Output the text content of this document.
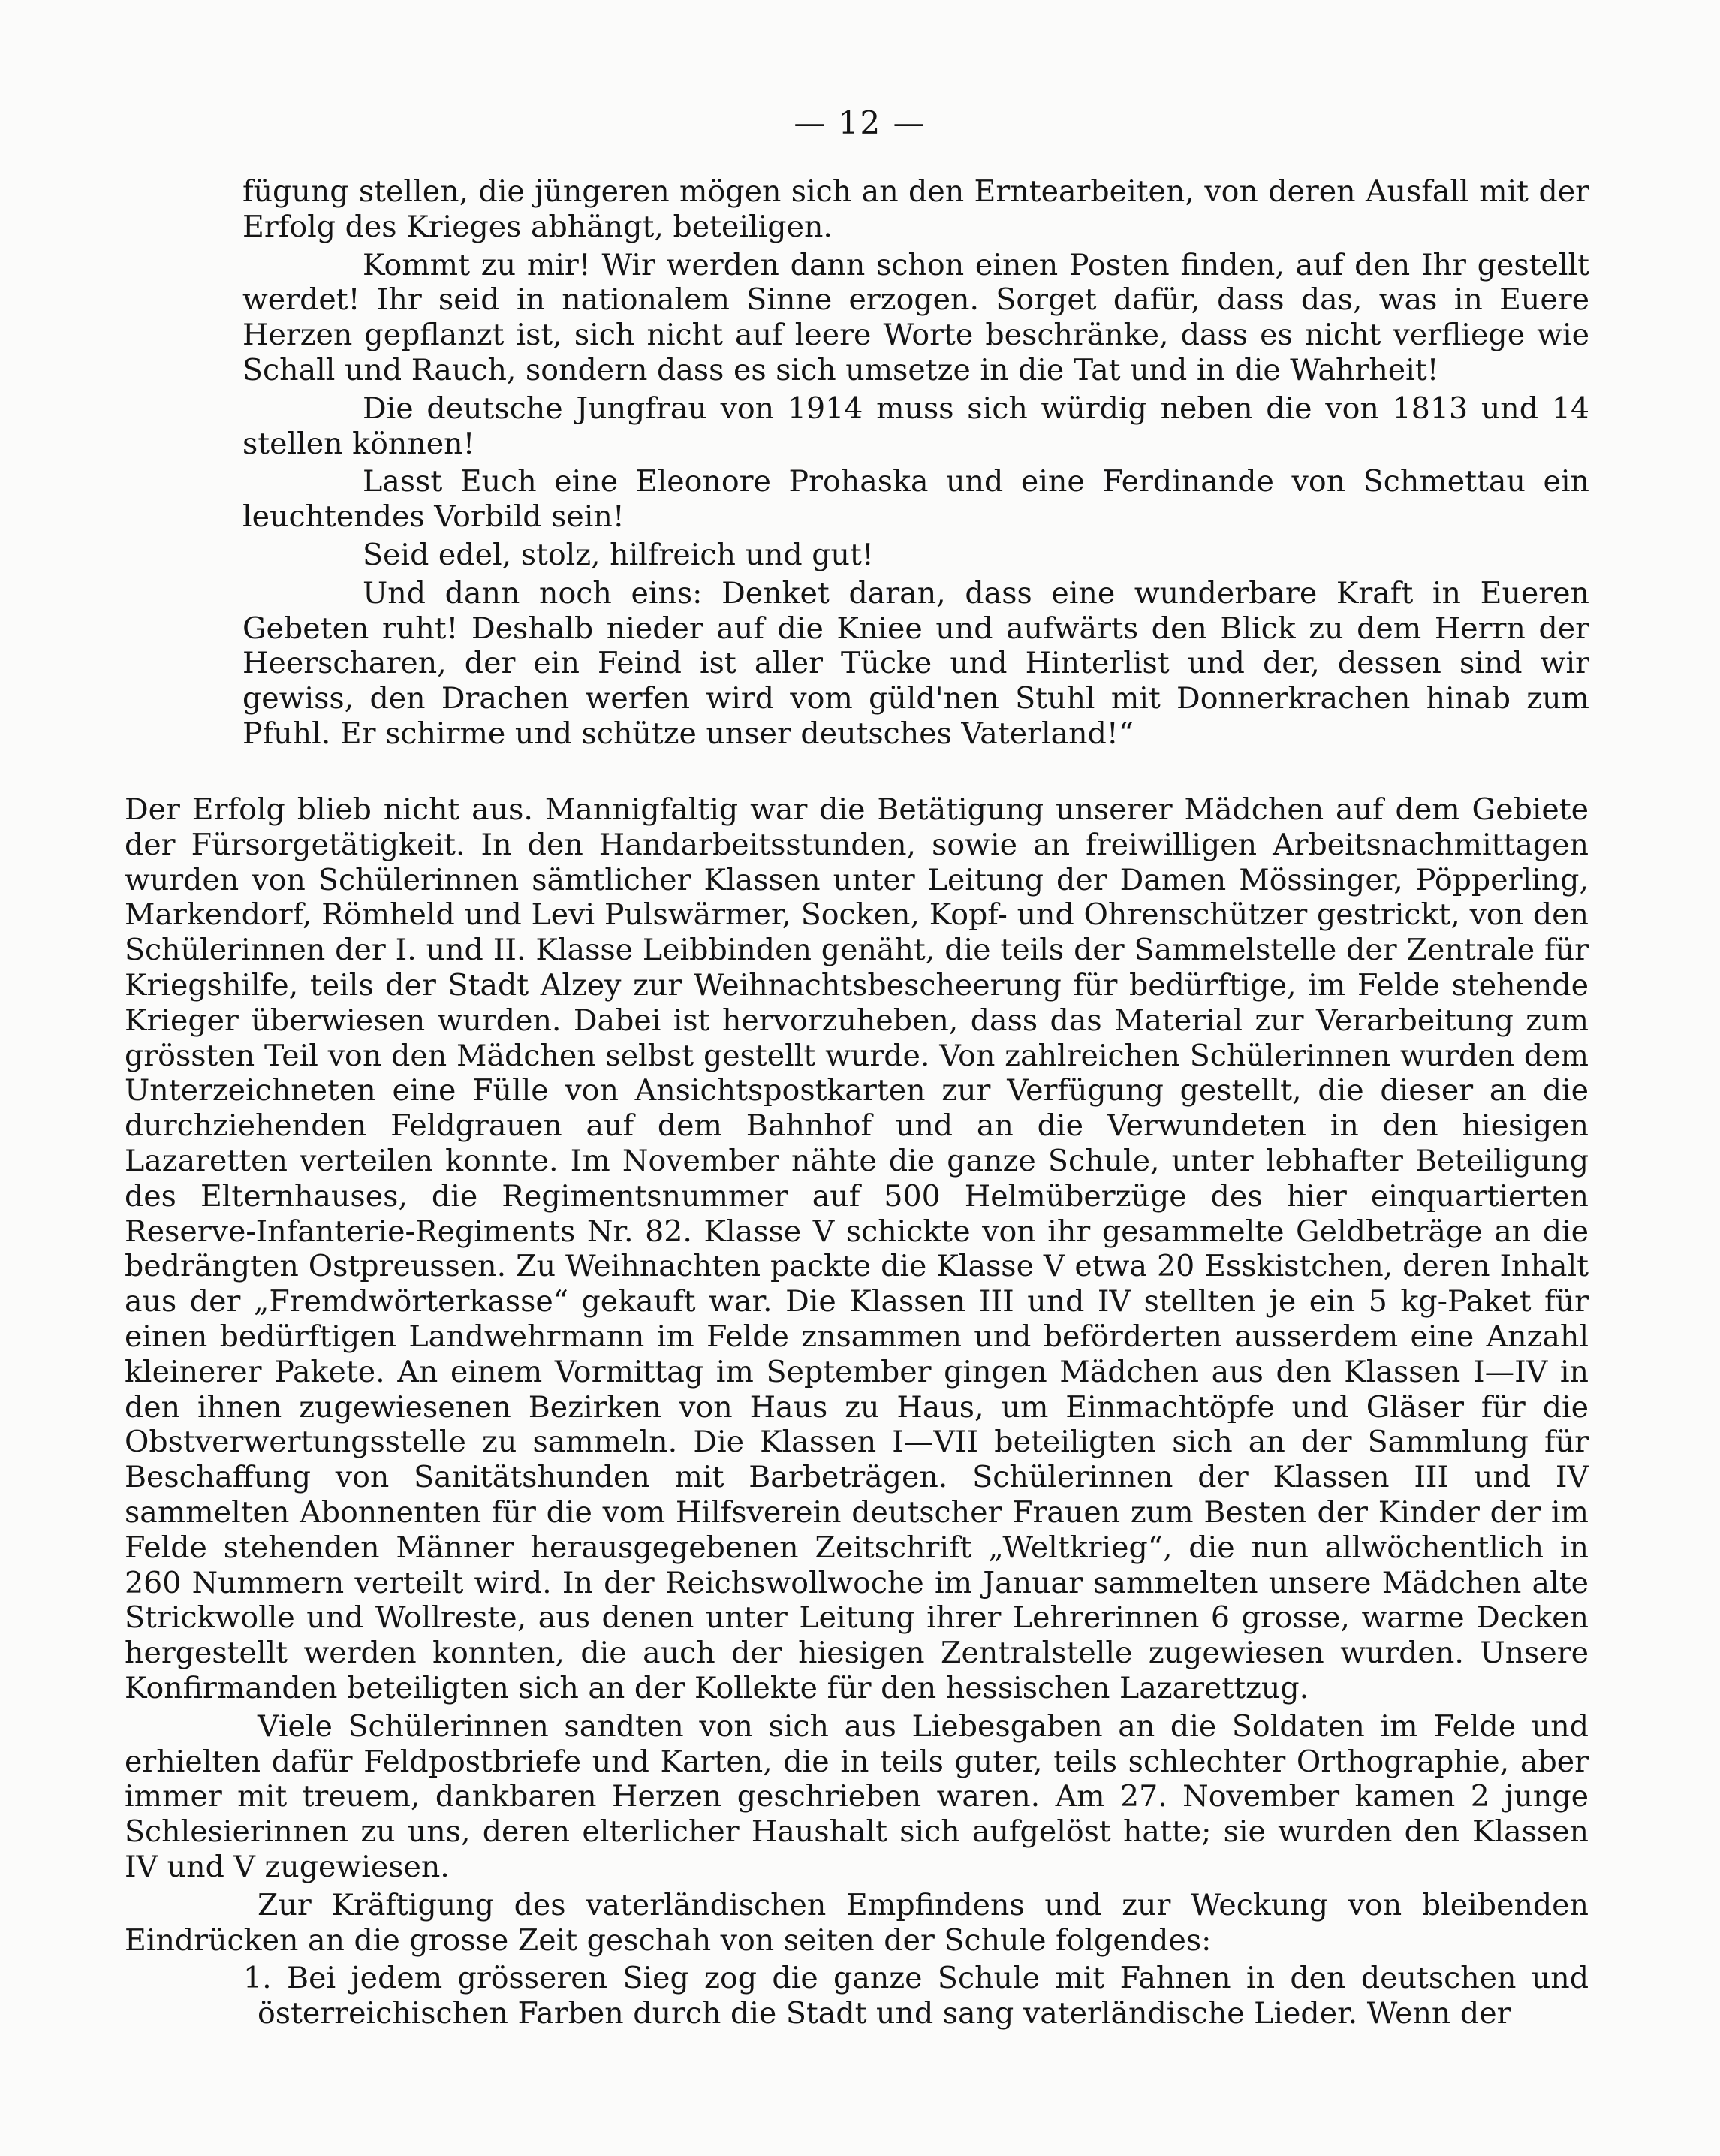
— 12 —

fügung stellen, die jüngeren mögen sich an den Erntearbeiten, von deren Ausfall mit der Erfolg des Krieges abhängt, beteiligen.

Kommt zu mir! Wir werden dann schon einen Posten finden, auf den Ihr gestellt werdet! Ihr seid in nationalem Sinne erzogen. Sorget dafür, dass das, was in Euere Herzen gepflanzt ist, sich nicht auf leere Worte beschränke, dass es nicht verfliege wie Schall und Rauch, sondern dass es sich umsetze in die Tat und in die Wahrheit!

Die deutsche Jungfrau von 1914 muss sich würdig neben die von 1813 und 14 stellen können!

Lasst Euch eine Eleonore Prohaska und eine Ferdinande von Schmettau ein leuchtendes Vorbild sein!

Seid edel, stolz, hilfreich und gut!

Und dann noch eins: Denket daran, dass eine wunderbare Kraft in Eueren Gebeten ruht! Deshalb nieder auf die Kniee und aufwärts den Blick zu dem Herrn der Heerscharen, der ein Feind ist aller Tücke und Hinterlist und der, dessen sind wir gewiss, den Drachen werfen wird vom güld'nen Stuhl mit Donnerkrachen hinab zum Pfuhl. Er schirme und schütze unser deutsches Vaterland!“

Der Erfolg blieb nicht aus. Mannigfaltig war die Betätigung unserer Mädchen auf dem Gebiete der Fürsorgetätigkeit. In den Handarbeitsstunden, sowie an freiwilligen Arbeitsnachmittagen wurden von Schülerinnen sämtlicher Klassen unter Leitung der Damen Mössinger, Pöpperling, Markendorf, Römheld und Levi Pulswärmer, Socken, Kopf- und Ohrenschützer gestrickt, von den Schülerinnen der I. und II. Klasse Leibbinden genäht, die teils der Sammelstelle der Zentrale für Kriegshilfe, teils der Stadt Alzey zur Weihnachtsbescheerung für bedürftige, im Felde stehende Krieger überwiesen wurden. Dabei ist hervorzuheben, dass das Material zur Verarbeitung zum grössten Teil von den Mädchen selbst gestellt wurde. Von zahlreichen Schülerinnen wurden dem Unterzeichneten eine Fülle von Ansichtspostkarten zur Verfügung gestellt, die dieser an die durchziehenden Feldgrauen auf dem Bahnhof und an die Verwundeten in den hiesigen Lazaretten verteilen konnte. Im November nähte die ganze Schule, unter lebhafter Beteiligung des Elternhauses, die Regimentsnummer auf 500 Helmüberzüge des hier einquartierten Reserve-Infanterie-Regiments Nr. 82. Klasse V schickte von ihr gesammelte Geldbeträge an die bedrängten Ostpreussen. Zu Weihnachten packte die Klasse V etwa 20 Esskistchen, deren Inhalt aus der „Fremdwörterkasse“ gekauft war. Die Klassen III und IV stellten je ein 5 kg-Paket für einen bedürftigen Landwehrmann im Felde znsammen und beförderten ausserdem eine Anzahl kleinerer Pakete. An einem Vormittag im September gingen Mädchen aus den Klassen I—IV in den ihnen zugewiesenen Bezirken von Haus zu Haus, um Einmachtöpfe und Gläser für die Obstverwertungsstelle zu sammeln. Die Klassen I—VII beteiligten sich an der Sammlung für Beschaffung von Sanitätshunden mit Barbeträgen. Schülerinnen der Klassen III und IV sammelten Abonnenten für die vom Hilfsverein deutscher Frauen zum Besten der Kinder der im Felde stehenden Männer herausgegebenen Zeitschrift „Weltkrieg“, die nun allwöchentlich in 260 Nummern verteilt wird. In der Reichswollwoche im Januar sammelten unsere Mädchen alte Strickwolle und Wollreste, aus denen unter Leitung ihrer Lehrerinnen 6 grosse, warme Decken hergestellt werden konnten, die auch der hiesigen Zentralstelle zugewiesen wurden. Unsere Konfirmanden beteiligten sich an der Kollekte für den hessischen Lazarettzug.

Viele Schülerinnen sandten von sich aus Liebesgaben an die Soldaten im Felde und erhielten dafür Feldpostbriefe und Karten, die in teils guter, teils schlechter Orthographie, aber immer mit treuem, dankbaren Herzen geschrieben waren. Am 27. November kamen 2 junge Schlesierinnen zu uns, deren elterlicher Haushalt sich aufgelöst hatte; sie wurden den Klassen IV und V zugewiesen.

Zur Kräftigung des vaterländischen Empfindens und zur Weckung von bleibenden Eindrücken an die grosse Zeit geschah von seiten der Schule folgendes:

1. Bei jedem grösseren Sieg zog die ganze Schule mit Fahnen in den deutschen und österreichischen Farben durch die Stadt und sang vaterländische Lieder. Wenn der
